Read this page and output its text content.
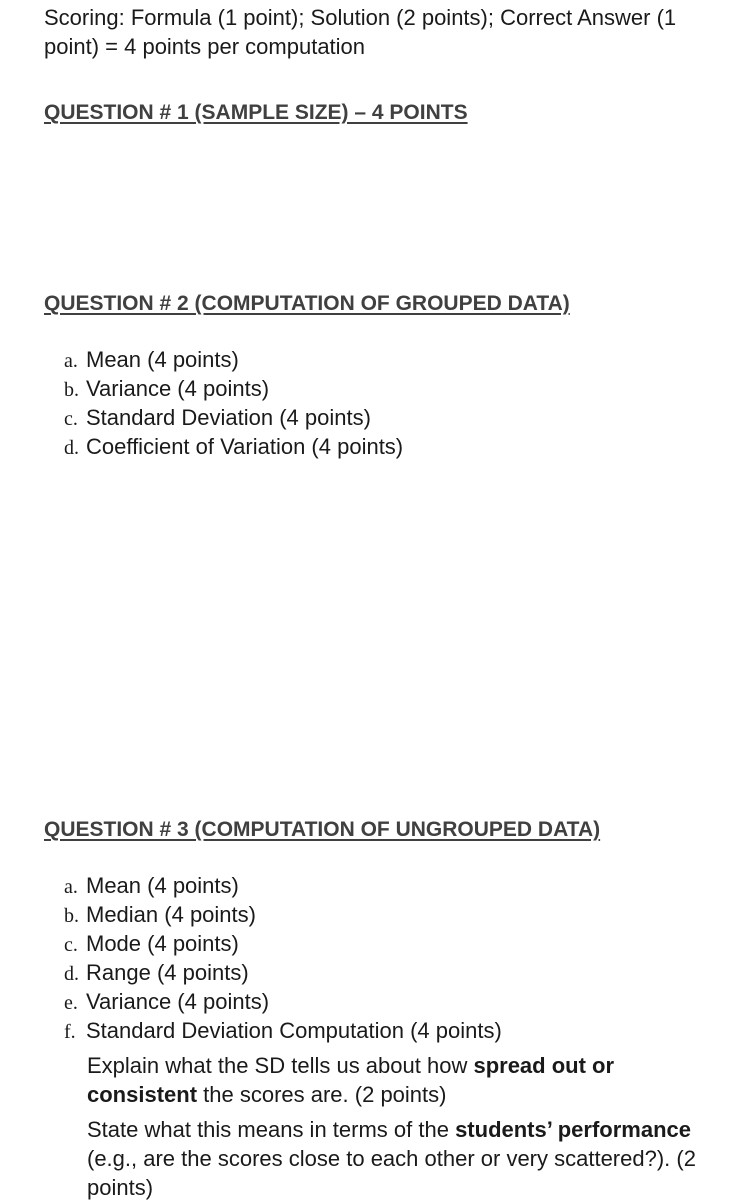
Scoring: Formula (1 point); Solution (2 points); Correct Answer (1 point) = 4 points per computation

QUESTION # 1 (SAMPLE SIZE) – 4 POINTS
QUESTION # 2 (COMPUTATION OF GROUPED DATA)
a. Mean (4 points)
b. Variance (4 points)
c. Standard Deviation (4 points)
d. Coefficient of Variation (4 points)
QUESTION # 3 (COMPUTATION OF UNGROUPED DATA)
a. Mean (4 points)
b. Median (4 points)
c. Mode (4 points)
d. Range (4 points)
e. Variance (4 points)
f. Standard Deviation Computation (4 points)

Explain what the SD tells us about how spread out or consistent the scores are. (2 points)

State what this means in terms of the students’ performance (e.g., are the scores close to each other or very scattered?). (2 points)
